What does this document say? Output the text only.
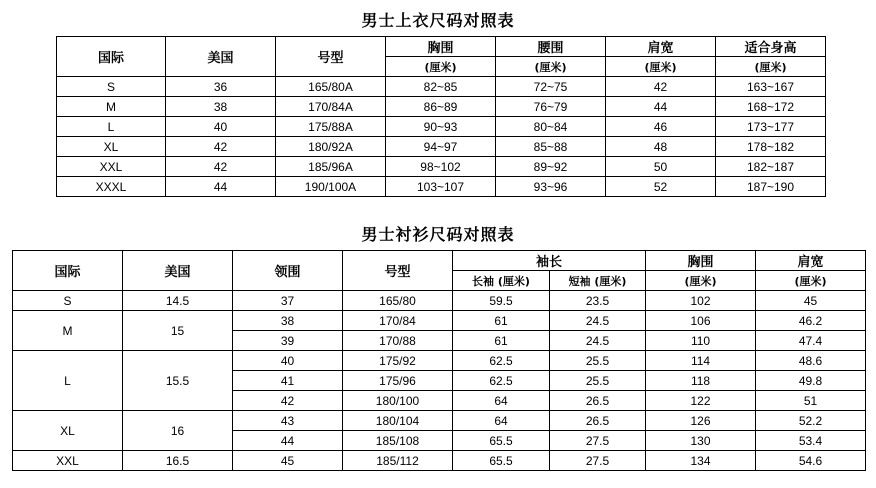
男士上衣尺码对照表
国际	美国	号型	胸围	腰围	肩宽	适合身高
			(厘米)	(厘米)	(厘米)	(厘米)
S	36	165/80A	82~85	72~75	42	163~167
M	38	170/84A	86~89	76~79	44	168~172
L	40	175/88A	90~93	80~84	46	173~177
XL	42	180/92A	94~97	85~88	48	178~182
XXL	42	185/96A	98~102	89~92	50	182~187
XXXL	44	190/100A	103~107	93~96	52	187~190
男士衬衫尺码对照表
国际	美国	领围	号型	袖长		胸围	肩宽
				长袖 (厘米)	短袖 (厘米)	(厘米)	(厘米)
S	14.5	37	165/80	59.5	23.5	102	45
M	15	38	170/84	61	24.5	106	46.2
		39	170/88	61	24.5	110	47.4
L	15.5	40	175/92	62.5	25.5	114	48.6
		41	175/96	62.5	25.5	118	49.8
		42	180/100	64	26.5	122	51
XL	16	43	180/104	64	26.5	126	52.2
		44	185/108	65.5	27.5	130	53.4
XXL	16.5	45	185/112	65.5	27.5	134	54.6
